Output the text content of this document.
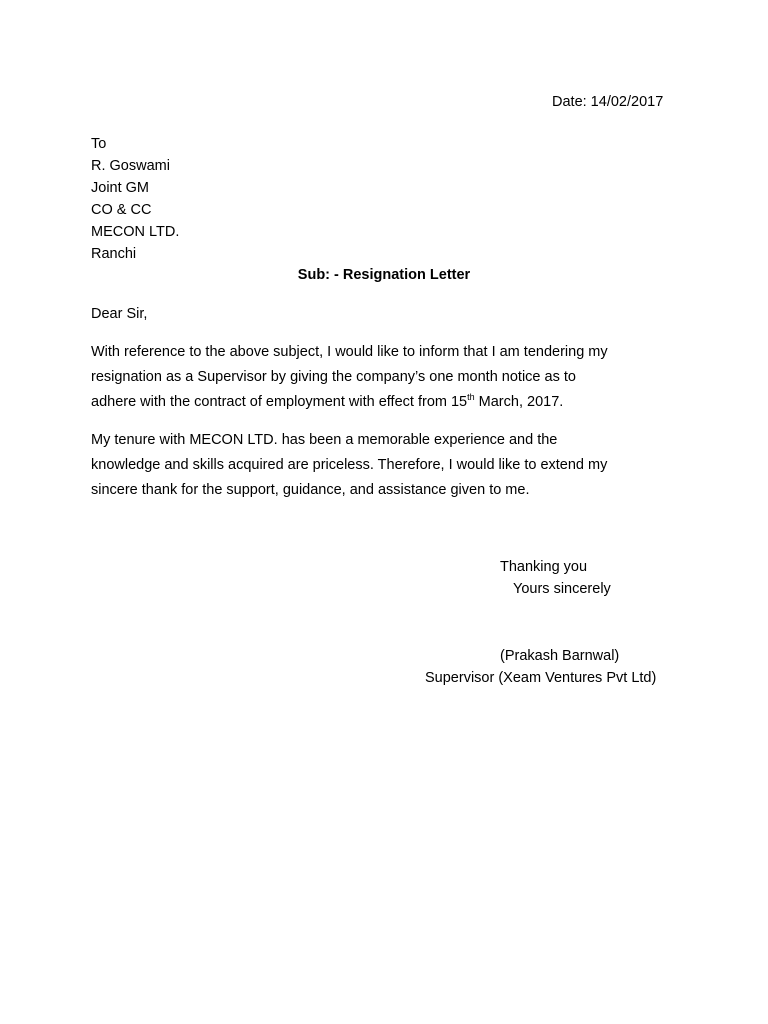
Date: 14/02/2017
To
R. Goswami
Joint GM
CO & CC
MECON LTD.
Ranchi
Sub: - Resignation Letter
Dear Sir,
With reference to the above subject, I would like to inform that I am tendering my
resignation as a Supervisor by giving the company’s one month notice as to
adhere with the contract of employment with effect from 15th March, 2017.
My tenure with MECON LTD. has been a memorable experience and the
knowledge and skills acquired are priceless. Therefore, I would like to extend my
sincere thank for the support, guidance, and assistance given to me.
Thanking you
Yours sincerely
(Prakash Barnwal)
Supervisor (Xeam Ventures Pvt Ltd)
